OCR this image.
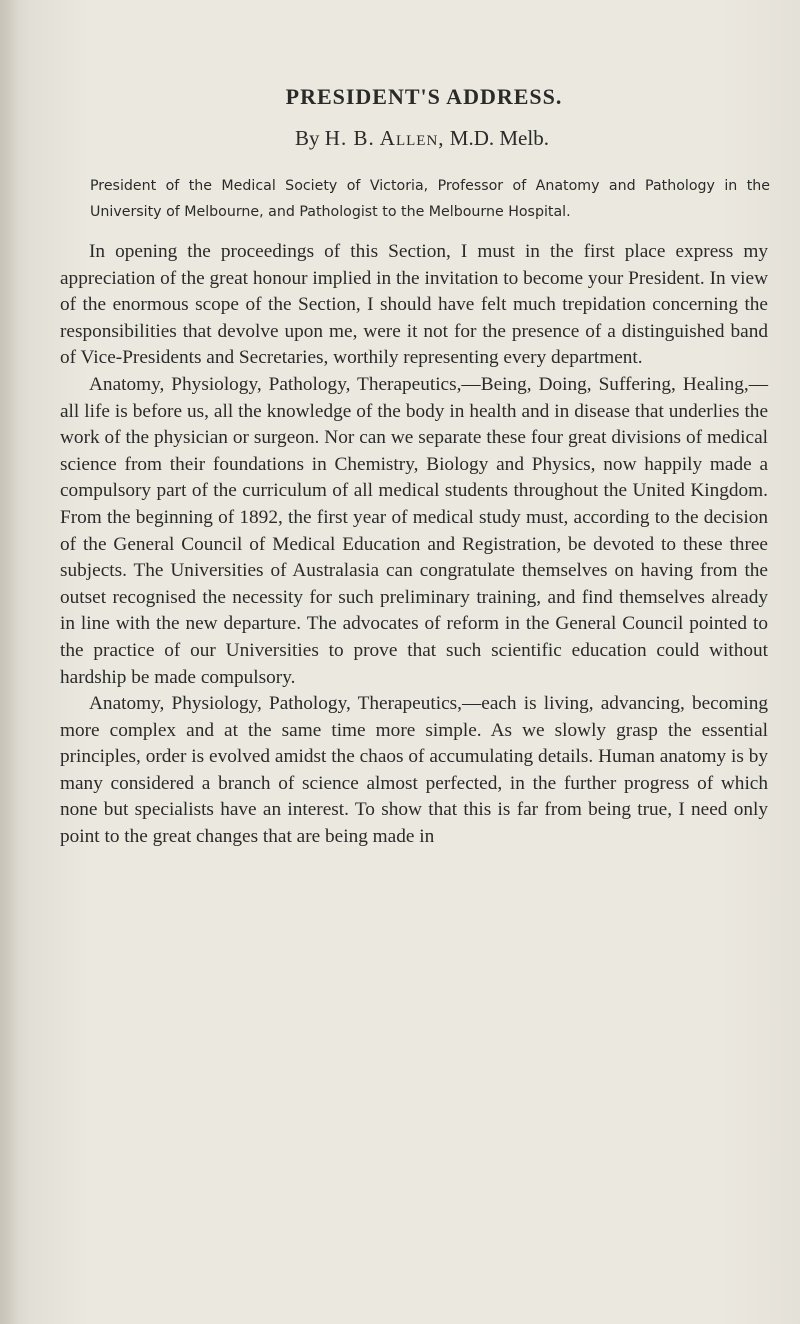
PRESIDENT'S ADDRESS.
By H. B. Allen, M.D. Melb.

President of the Medical Society of Victoria, Professor of Anatomy and Pathology in the University of Melbourne, and Pathologist to the Melbourne Hospital.

In opening the proceedings of this Section, I must in the first place express my appreciation of the great honour implied in the invitation to become your President. In view of the enormous scope of the Section, I should have felt much trepidation concerning the responsibilities that devolve upon me, were it not for the presence of a distinguished band of Vice-Presidents and Secretaries, worthily representing every department.

Anatomy, Physiology, Pathology, Therapeutics,—Being, Doing, Suffering, Healing,—all life is before us, all the knowledge of the body in health and in disease that underlies the work of the physician or surgeon. Nor can we separate these four great divisions of medical science from their foundations in Chemistry, Biology and Physics, now happily made a compulsory part of the curriculum of all medical students throughout the United Kingdom. From the beginning of 1892, the first year of medical study must, according to the decision of the General Council of Medical Education and Registration, be devoted to these three subjects. The Universities of Australasia can congratulate themselves on having from the outset recognised the necessity for such preliminary training, and find themselves already in line with the new departure. The advocates of reform in the General Council pointed to the practice of our Universities to prove that such scientific education could without hardship be made compulsory.

Anatomy, Physiology, Pathology, Therapeutics,—each is living, advancing, becoming more complex and at the same time more simple. As we slowly grasp the essential principles, order is evolved amidst the chaos of accumulating details. Human anatomy is by many considered a branch of science almost perfected, in the further progress of which none but specialists have an interest. To show that this is far from being true, I need only point to the great changes that are being made in
